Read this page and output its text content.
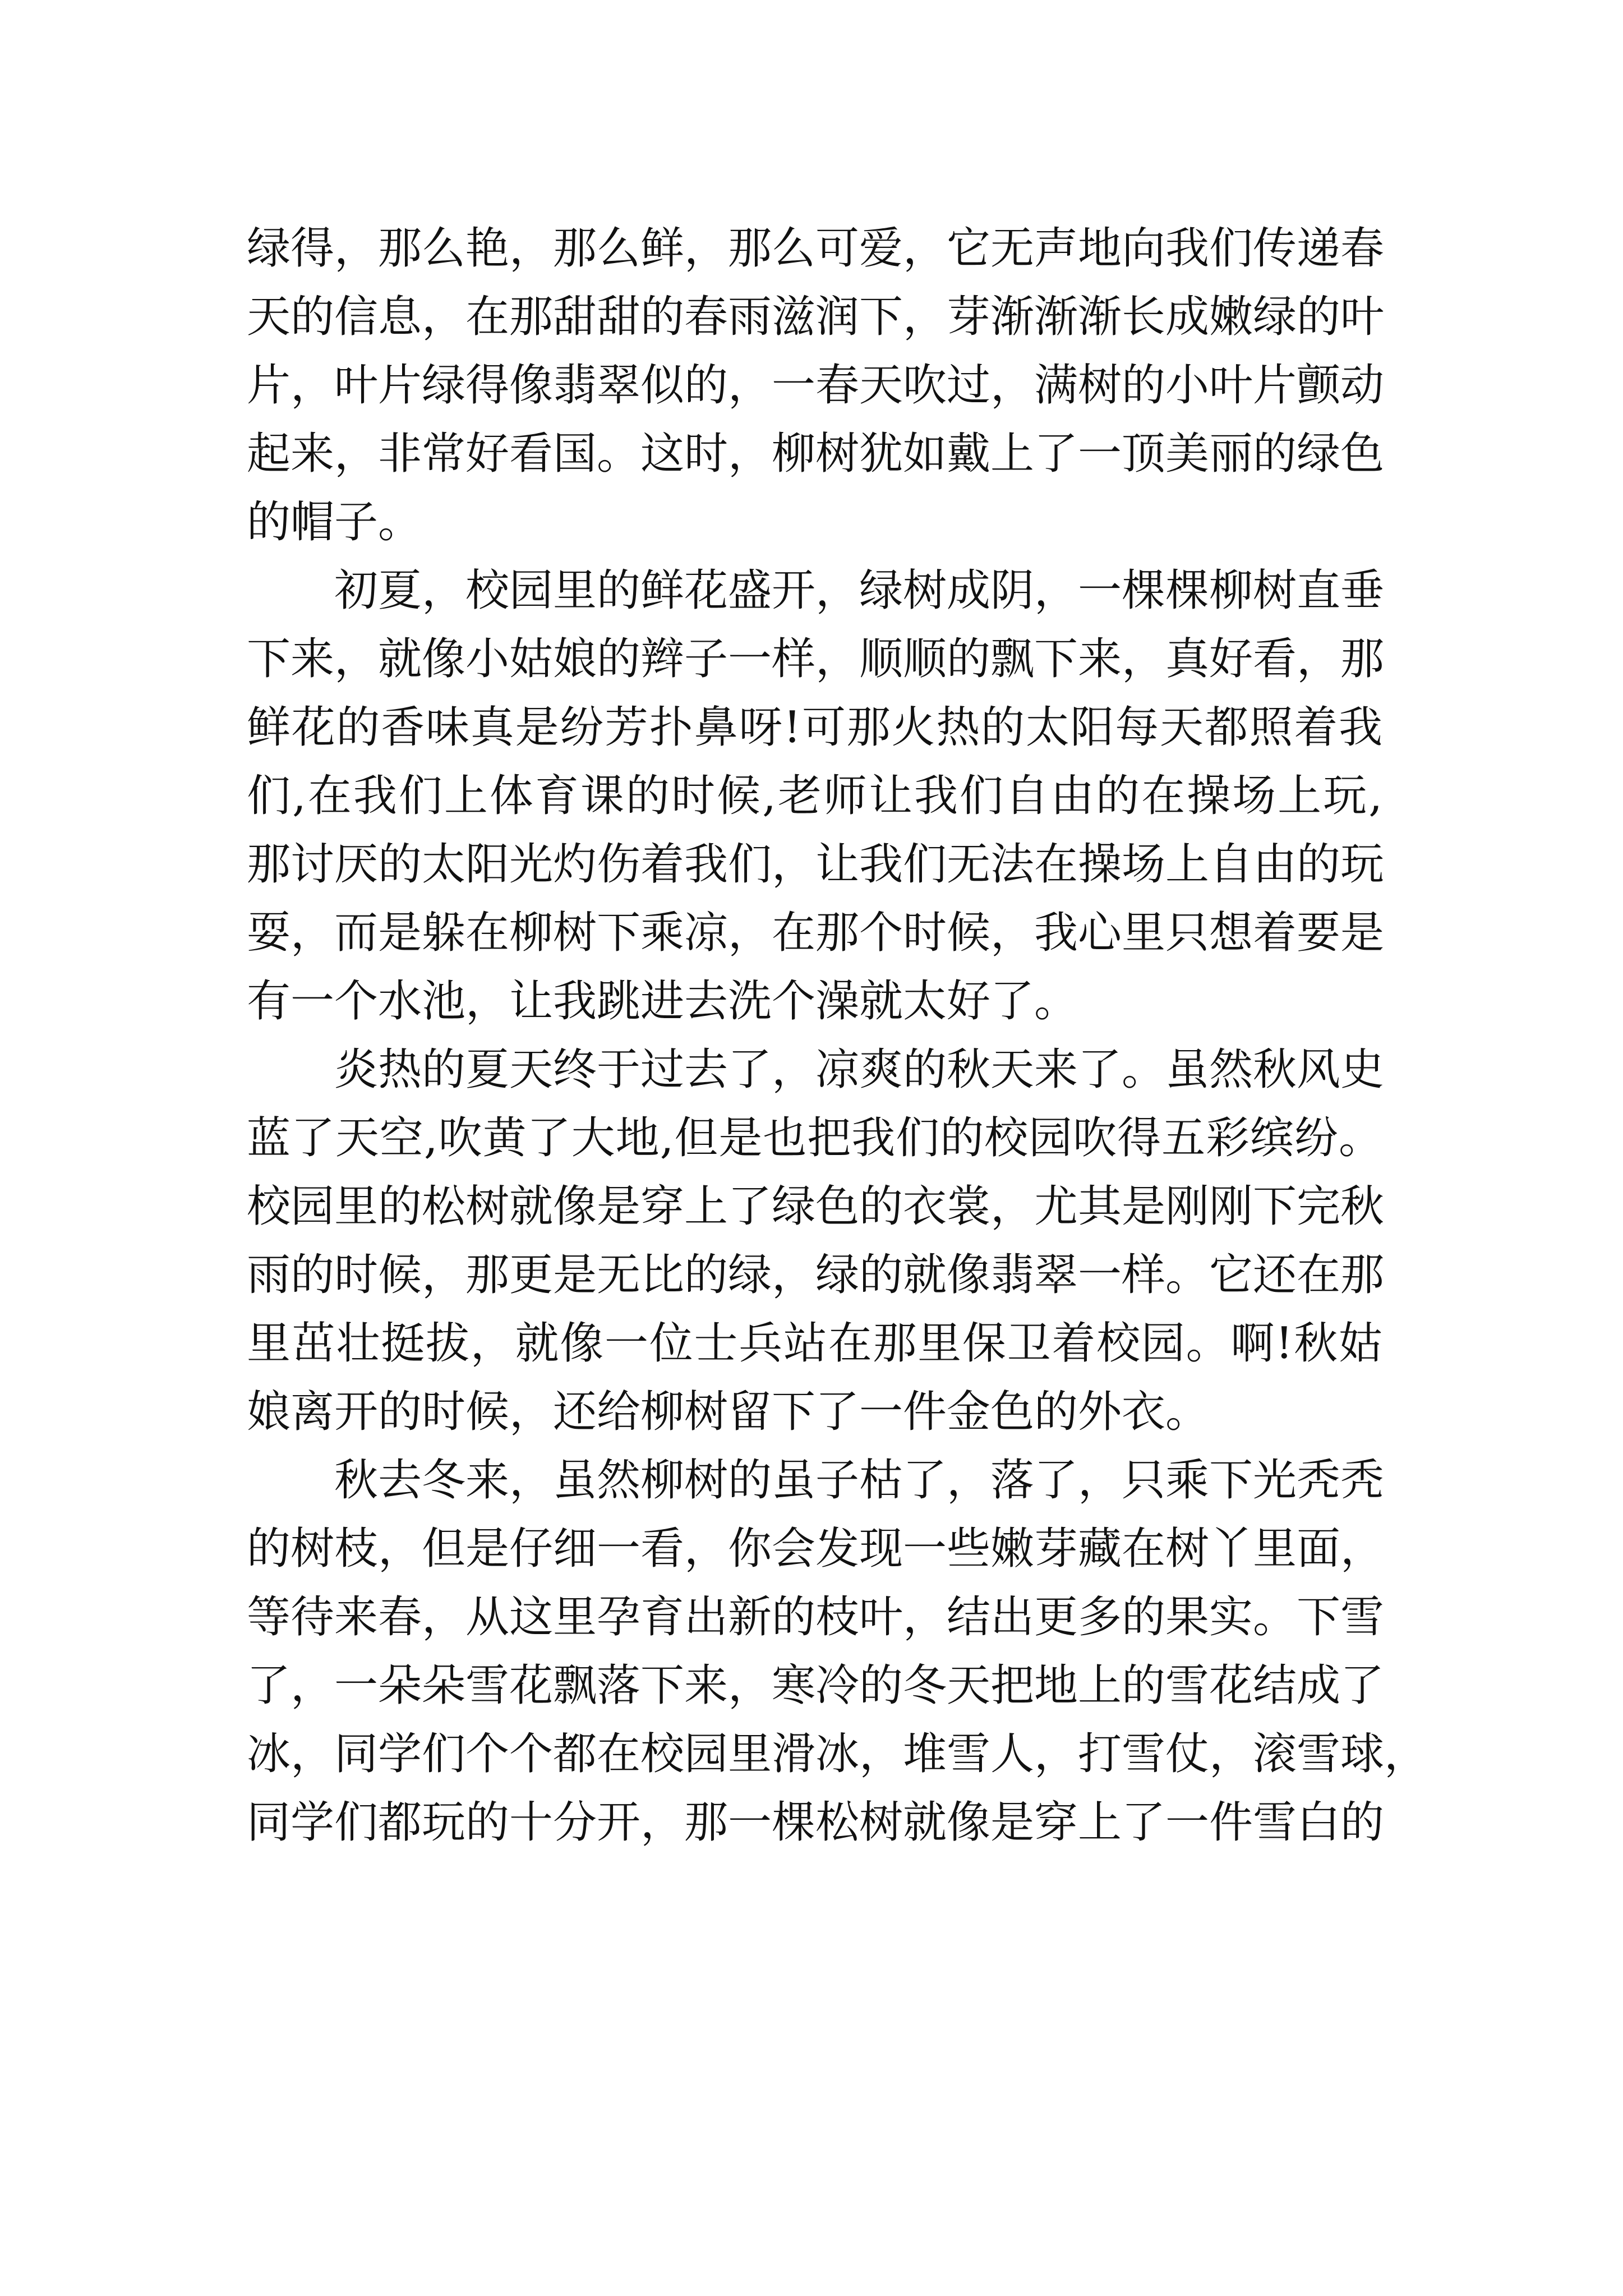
绿得，那么艳，那么鲜，那么可爱，它无声地向我们传递春
天的信息，在那甜甜的春雨滋润下，芽渐渐渐长成嫩绿的叶
片，叶片绿得像翡翠似的，一春天吹过，满树的小叶片颤动
起来，非常好看国。这时，柳树犹如戴上了一顶美丽的绿色
的帽子。
初夏，校园里的鲜花盛开，绿树成阴，一棵棵柳树直垂
下来，就像小姑娘的辫子一样，顺顺的飘下来，真好看，那
鲜花的香味真是纷芳扑鼻呀!可那火热的太阳每天都照着我
们,在我们上体育课的时候,老师让我们自由的在操场上玩,
那讨厌的太阳光灼伤着我们，让我们无法在操场上自由的玩
耍，而是躲在柳树下乘凉，在那个时候，我心里只想着要是
有一个水池，让我跳进去洗个澡就太好了。
炎热的夏天终于过去了，凉爽的秋天来了。虽然秋风史
蓝了天空,吹黄了大地,但是也把我们的校园吹得五彩缤纷。
校园里的松树就像是穿上了绿色的衣裳，尤其是刚刚下完秋
雨的时候，那更是无比的绿，绿的就像翡翠一样。它还在那
里茁壮挺拔，就像一位士兵站在那里保卫着校园。啊!秋姑
娘离开的时候，还给柳树留下了一件金色的外衣。
秋去冬来，虽然柳树的虽子枯了，落了，只乘下光秃秃
的树枝，但是仔细一看，你会发现一些嫩芽藏在树丫里面，
等待来春，从这里孕育出新的枝叶，结出更多的果实。下雪
了，一朵朵雪花飘落下来，寒冷的冬天把地上的雪花结成了
冰，同学们个个都在校园里滑冰，堆雪人，打雪仗，滚雪球，
同学们都玩的十分开，那一棵松树就像是穿上了一件雪白的
